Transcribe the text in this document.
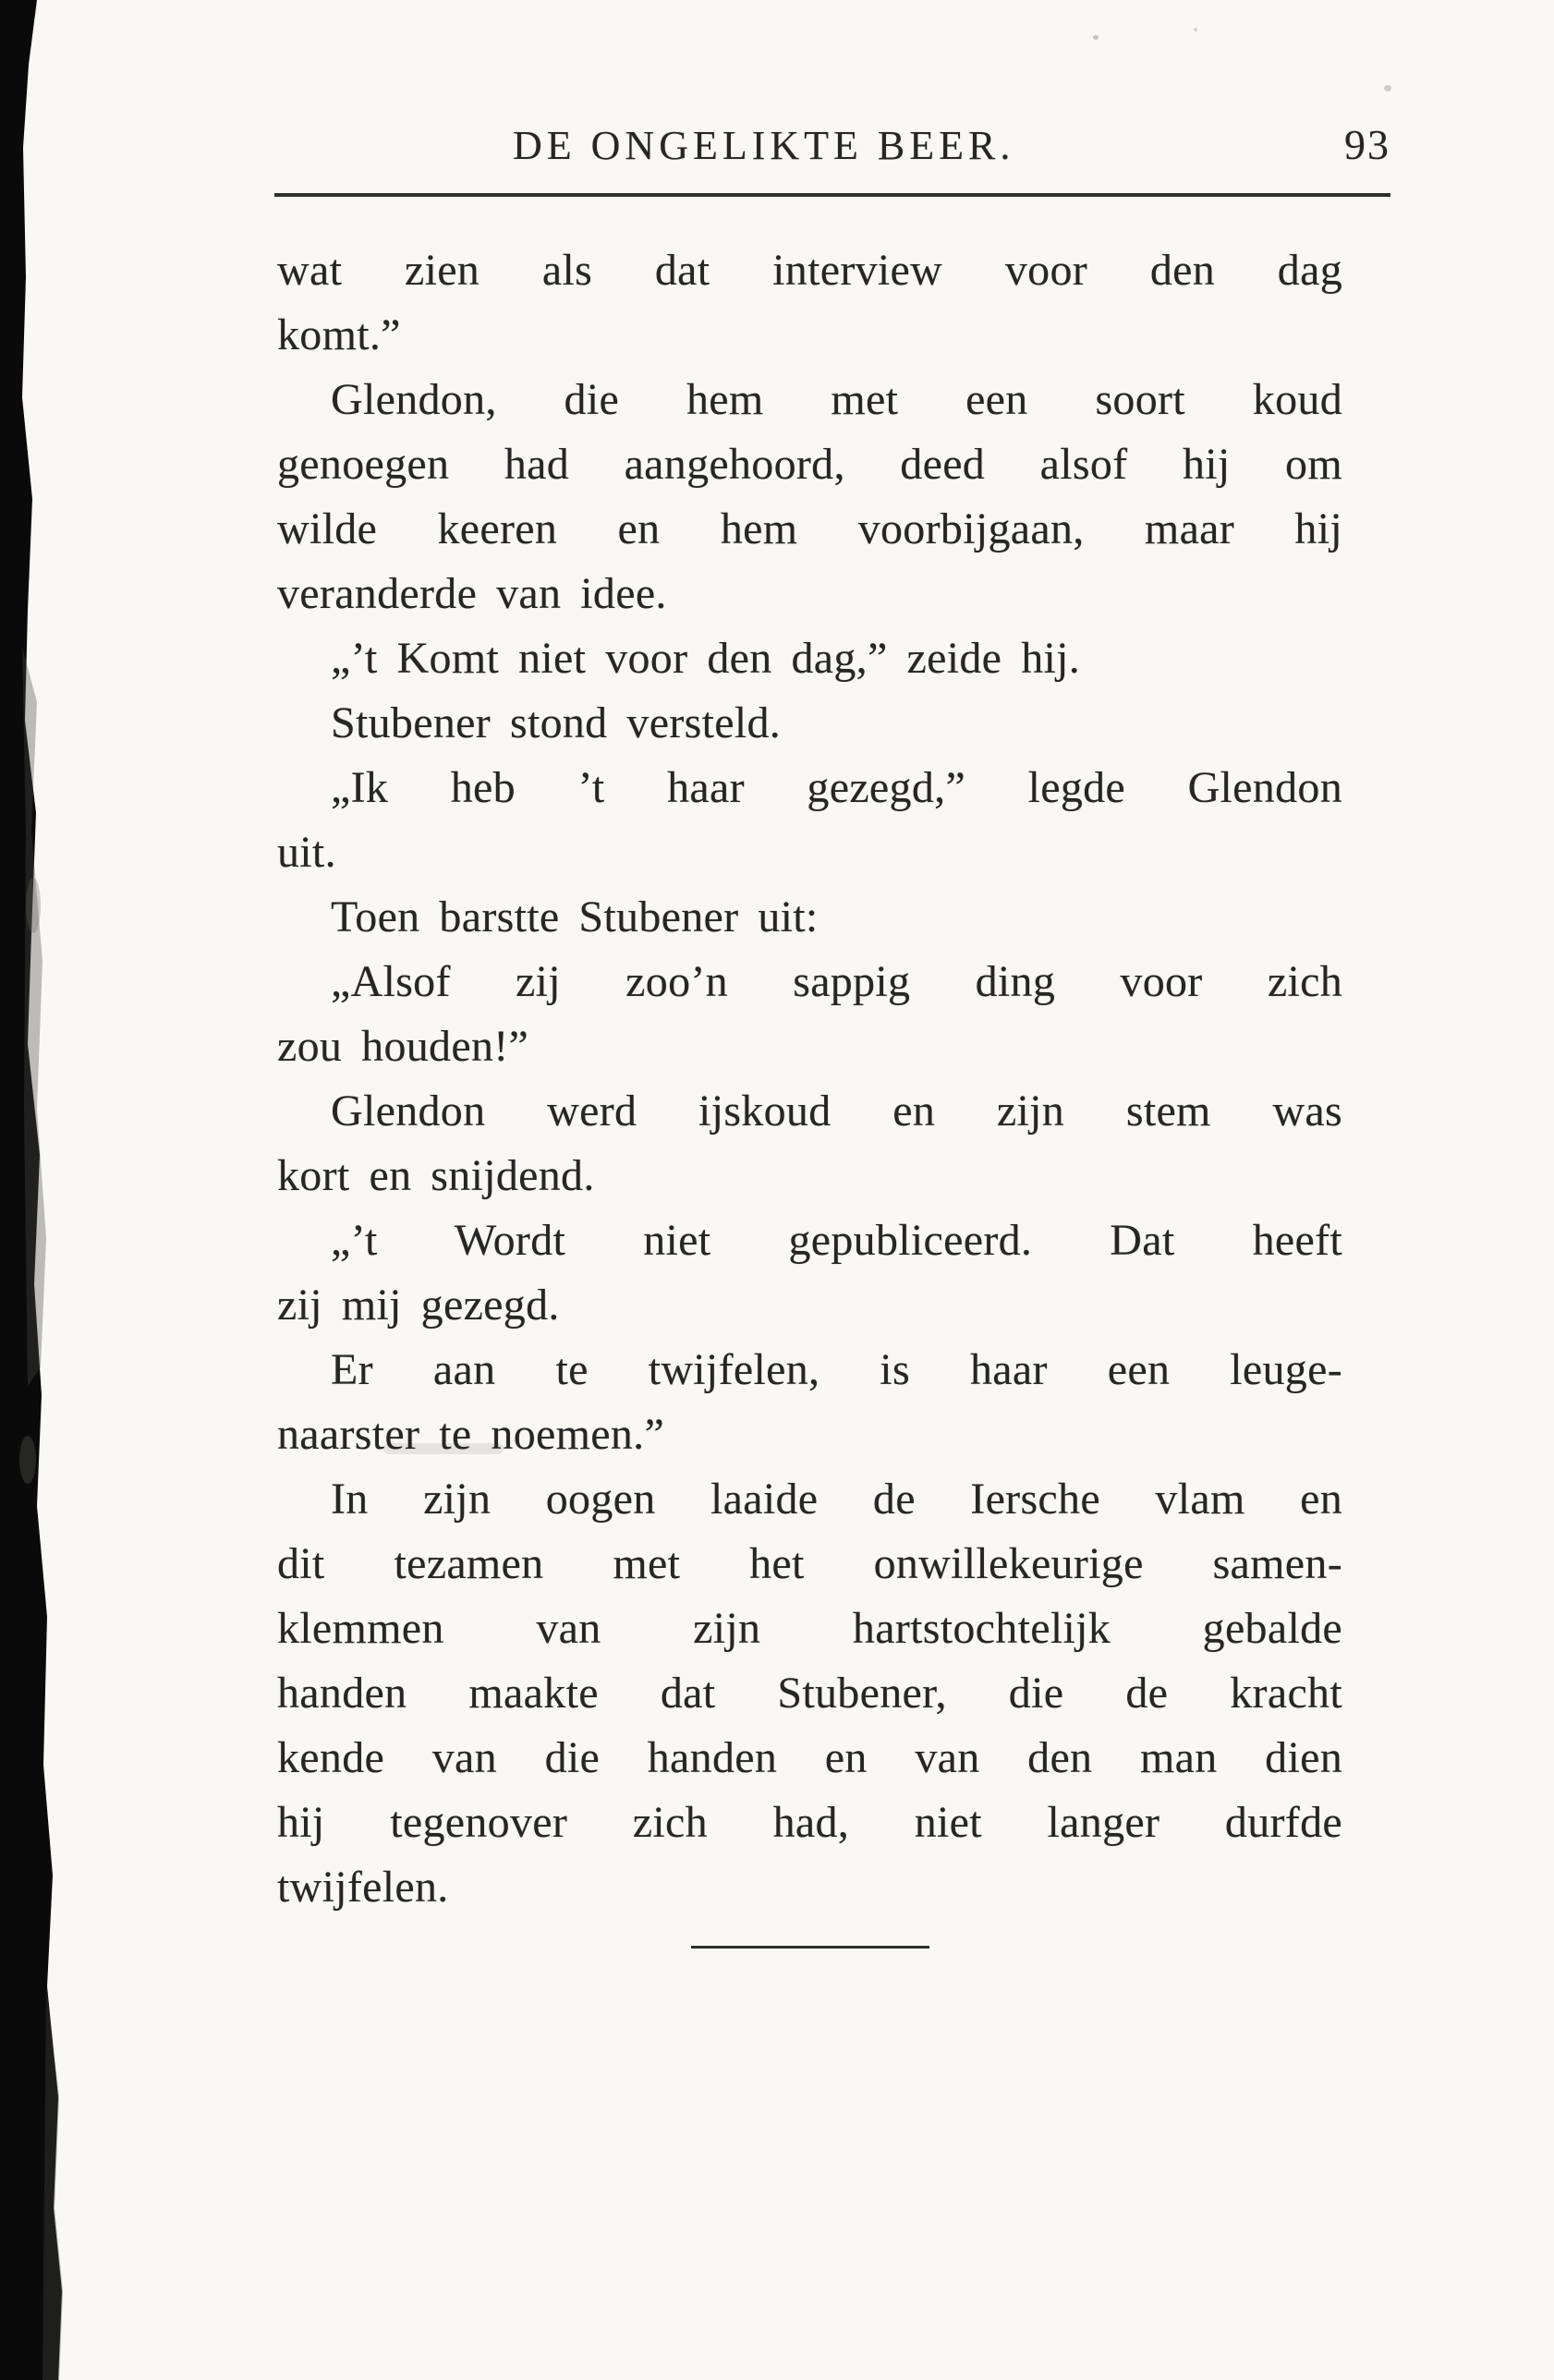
DE ONGELIKTE BEER.	93
wat zien als dat interview voor den dag
komt.”
Glendon, die hem met een soort koud
genoegen had aangehoord, deed alsof hij om
wilde keeren en hem voorbijgaan, maar hij
veranderde van idee.
„’t Komt niet voor den dag,” zeide hij.
Stubener stond versteld.
„Ik heb ’t haar gezegd,” legde Glendon
uit.
Toen barstte Stubener uit:
„Alsof zij zoo’n sappig ding voor zich
zou houden!”
Glendon werd ijskoud en zijn stem was
kort en snijdend.
„’t Wordt niet gepubliceerd. Dat heeft
zij mij gezegd.
Er aan te twijfelen, is haar een leuge-
naarster te noemen.”
In zijn oogen laaide de Iersche vlam en
dit tezamen met het onwillekeurige samen-
klemmen van zijn hartstochtelijk gebalde
handen maakte dat Stubener, die de kracht
kende van die handen en van den man dien
hij tegenover zich had, niet langer durfde
twijfelen.
